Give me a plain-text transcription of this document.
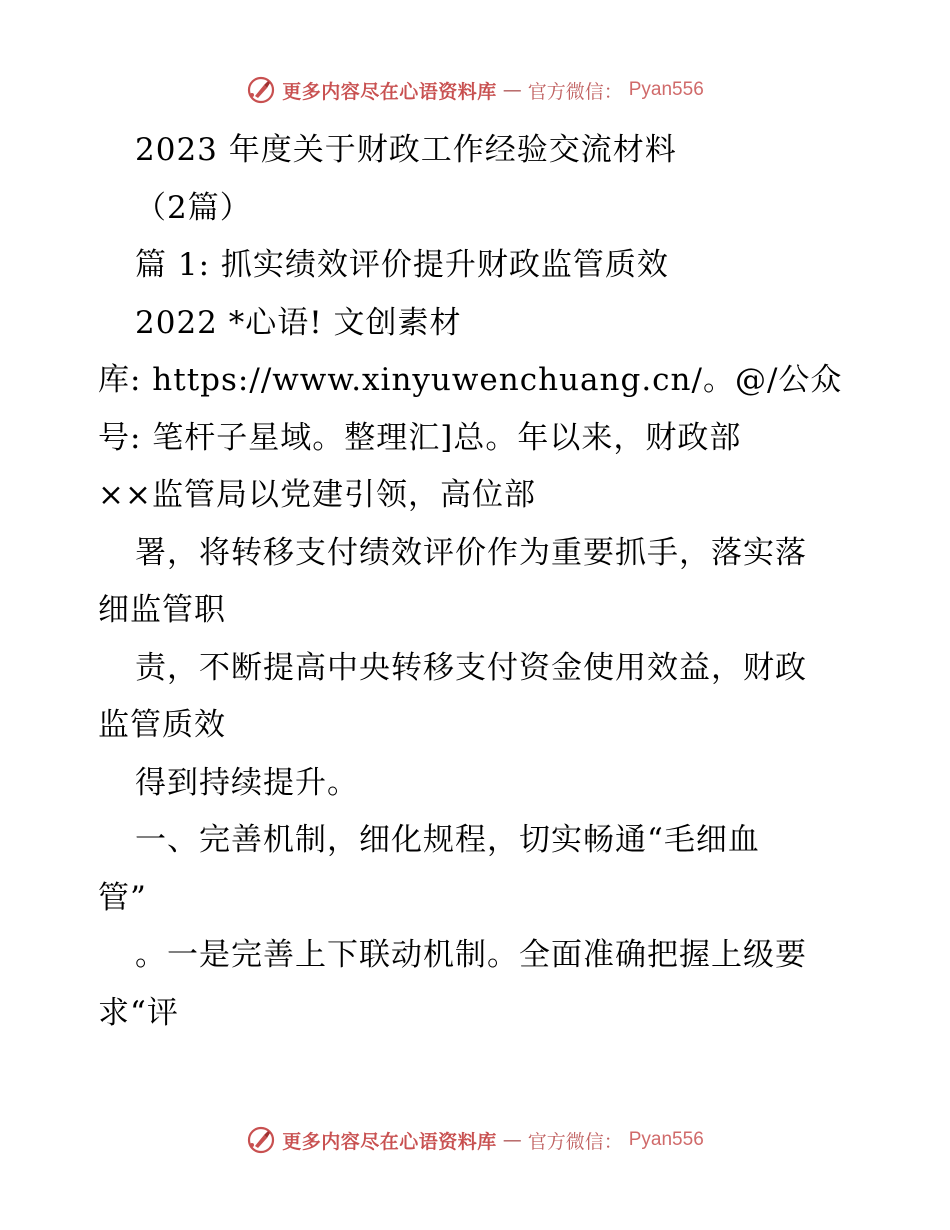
更多内容尽在心语资料库 — 官方微信： Pyan556
2023 年度关于财政工作经验交流材料
（2篇）
篇 1: 抓实绩效评价提升财政监管质效
2022 *心语! 文创素材
库: https://www.xinyuwenchuang.cn/。@/公众
号: 笔杆子星域。整理汇]总。年以来，财政部
××监管局以党建引领，高位部
署，将转移支付绩效评价作为重要抓手，落实落
细监管职
责，不断提高中央转移支付资金使用效益，财政
监管质效
得到持续提升。
一、完善机制，细化规程，切实畅通“毛细血
管”
。一是完善上下联动机制。全面准确把握上级要
求“评
更多内容尽在心语资料库 — 官方微信： Pyan556
